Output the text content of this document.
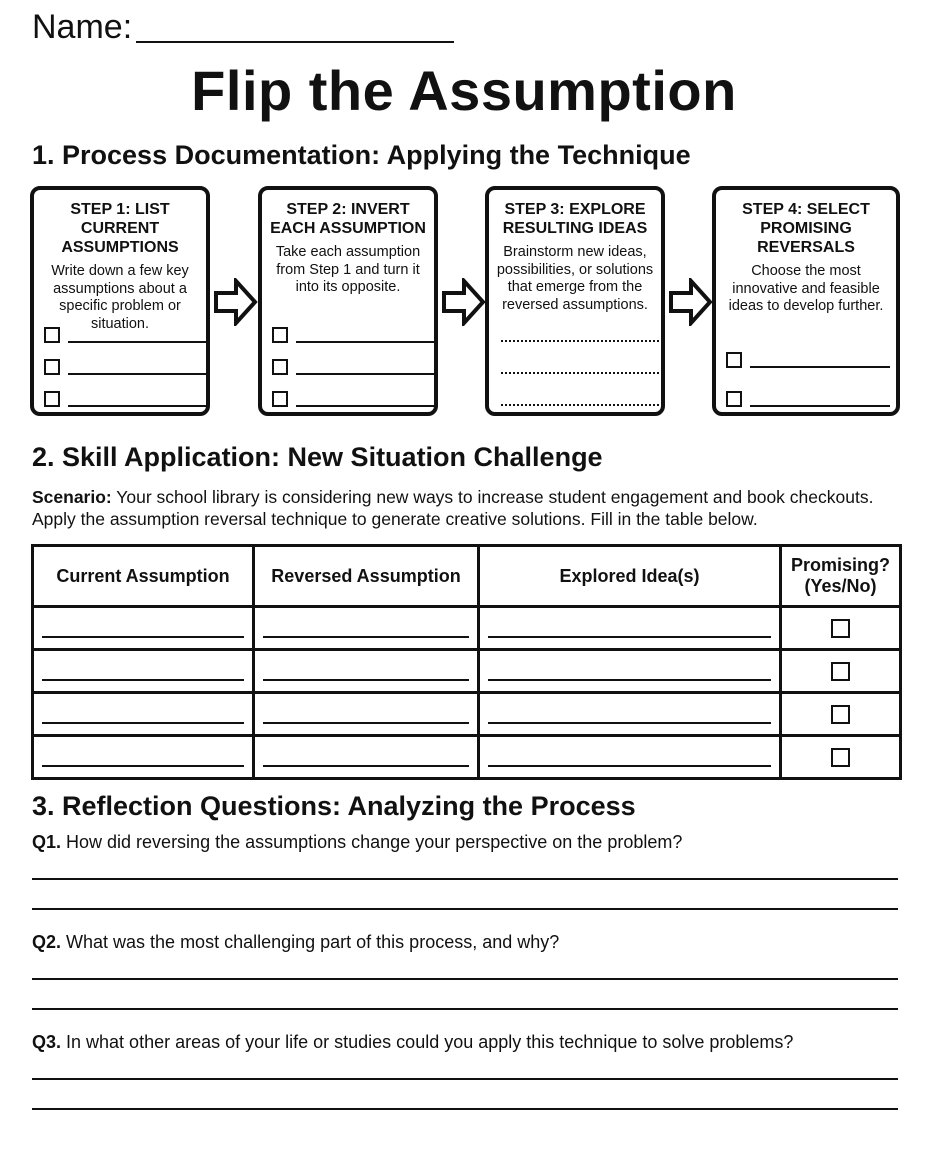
Name:
Flip the Assumption
1. Process Documentation: Applying the Technique
STEP 1: LIST CURRENT ASSUMPTIONS
Write down a few key assumptions about a specific problem or situation.
STEP 2: INVERT EACH ASSUMPTION
Take each assumption from Step 1 and turn it into its opposite.
STEP 3: EXPLORE RESULTING IDEAS
Brainstorm new ideas, possibilities, or solutions that emerge from the reversed assumptions.
STEP 4: SELECT PROMISING REVERSALS
Choose the most innovative and feasible ideas to develop further.
2. Skill Application: New Situation Challenge
Scenario: Your school library is considering new ways to increase student engagement and book checkouts. Apply the assumption reversal technique to generate creative solutions. Fill in the table below.
Current Assumption	Reversed Assumption	Explored Idea(s)	Promising? (Yes/No)

3. Reflection Questions: Analyzing the Process
Q1. How did reversing the assumptions change your perspective on the problem?
Q2. What was the most challenging part of this process, and why?
Q3. In what other areas of your life or studies could you apply this technique to solve problems?
